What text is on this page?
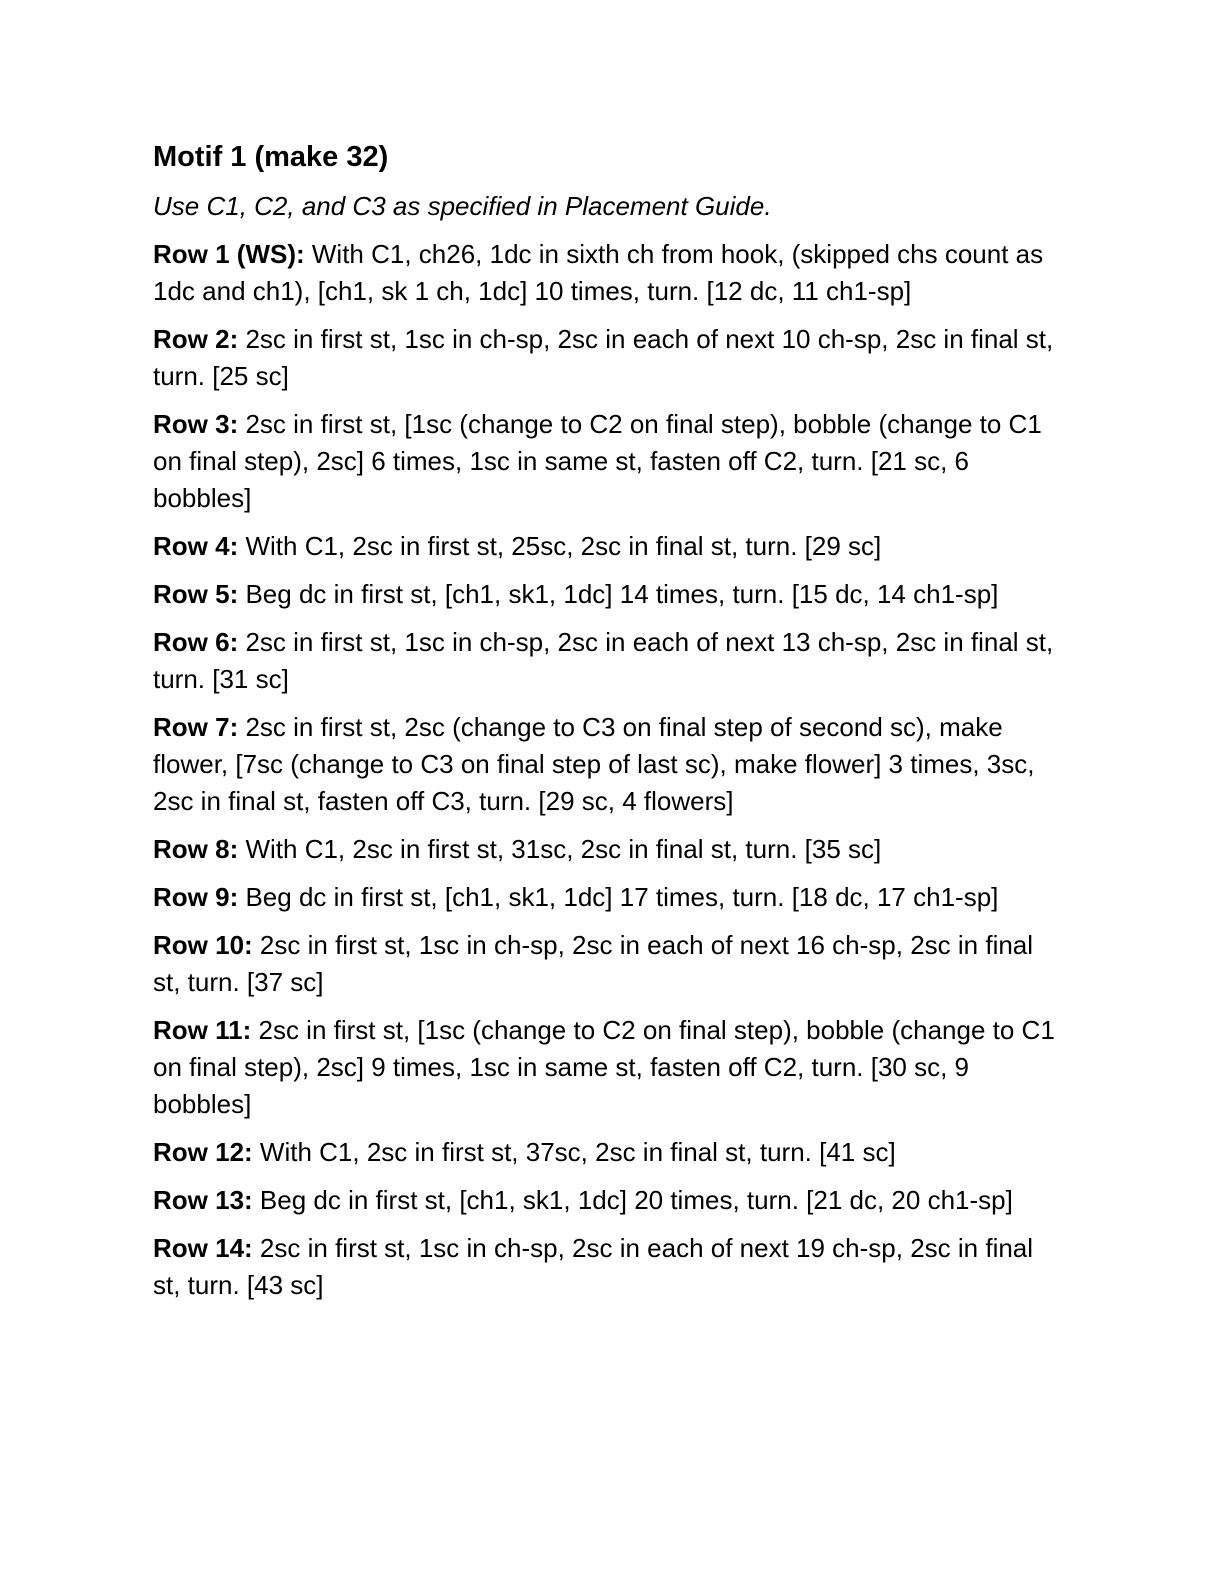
Motif 1 (make 32)

Use C1, C2, and C3 as specified in Placement Guide.

Row 1 (WS): With C1, ch26, 1dc in sixth ch from hook, (skipped chs count as 1dc and ch1), [ch1, sk 1 ch, 1dc] 10 times, turn. [12 dc, 11 ch1-sp]

Row 2: 2sc in first st, 1sc in ch-sp, 2sc in each of next 10 ch-sp, 2sc in final st, turn. [25 sc]

Row 3: 2sc in first st, [1sc (change to C2 on final step), bobble (change to C1 on final step), 2sc] 6 times, 1sc in same st, fasten off C2, turn. [21 sc, 6 bobbles]

Row 4: With C1, 2sc in first st, 25sc, 2sc in final st, turn. [29 sc]

Row 5: Beg dc in first st, [ch1, sk1, 1dc] 14 times, turn. [15 dc, 14 ch1-sp]

Row 6: 2sc in first st, 1sc in ch-sp, 2sc in each of next 13 ch-sp, 2sc in final st, turn. [31 sc]

Row 7: 2sc in first st, 2sc (change to C3 on final step of second sc), make flower, [7sc (change to C3 on final step of last sc), make flower] 3 times, 3sc, 2sc in final st, fasten off C3, turn. [29 sc, 4 flowers]

Row 8: With C1, 2sc in first st, 31sc, 2sc in final st, turn. [35 sc]

Row 9: Beg dc in first st, [ch1, sk1, 1dc] 17 times, turn. [18 dc, 17 ch1-sp]

Row 10: 2sc in first st, 1sc in ch-sp, 2sc in each of next 16 ch-sp, 2sc in final st, turn. [37 sc]

Row 11: 2sc in first st, [1sc (change to C2 on final step), bobble (change to C1 on final step), 2sc] 9 times, 1sc in same st, fasten off C2, turn. [30 sc, 9 bobbles]

Row 12: With C1, 2sc in first st, 37sc, 2sc in final st, turn. [41 sc]

Row 13: Beg dc in first st, [ch1, sk1, 1dc] 20 times, turn. [21 dc, 20 ch1-sp]

Row 14: 2sc in first st, 1sc in ch-sp, 2sc in each of next 19 ch-sp, 2sc in final st, turn. [43 sc]
